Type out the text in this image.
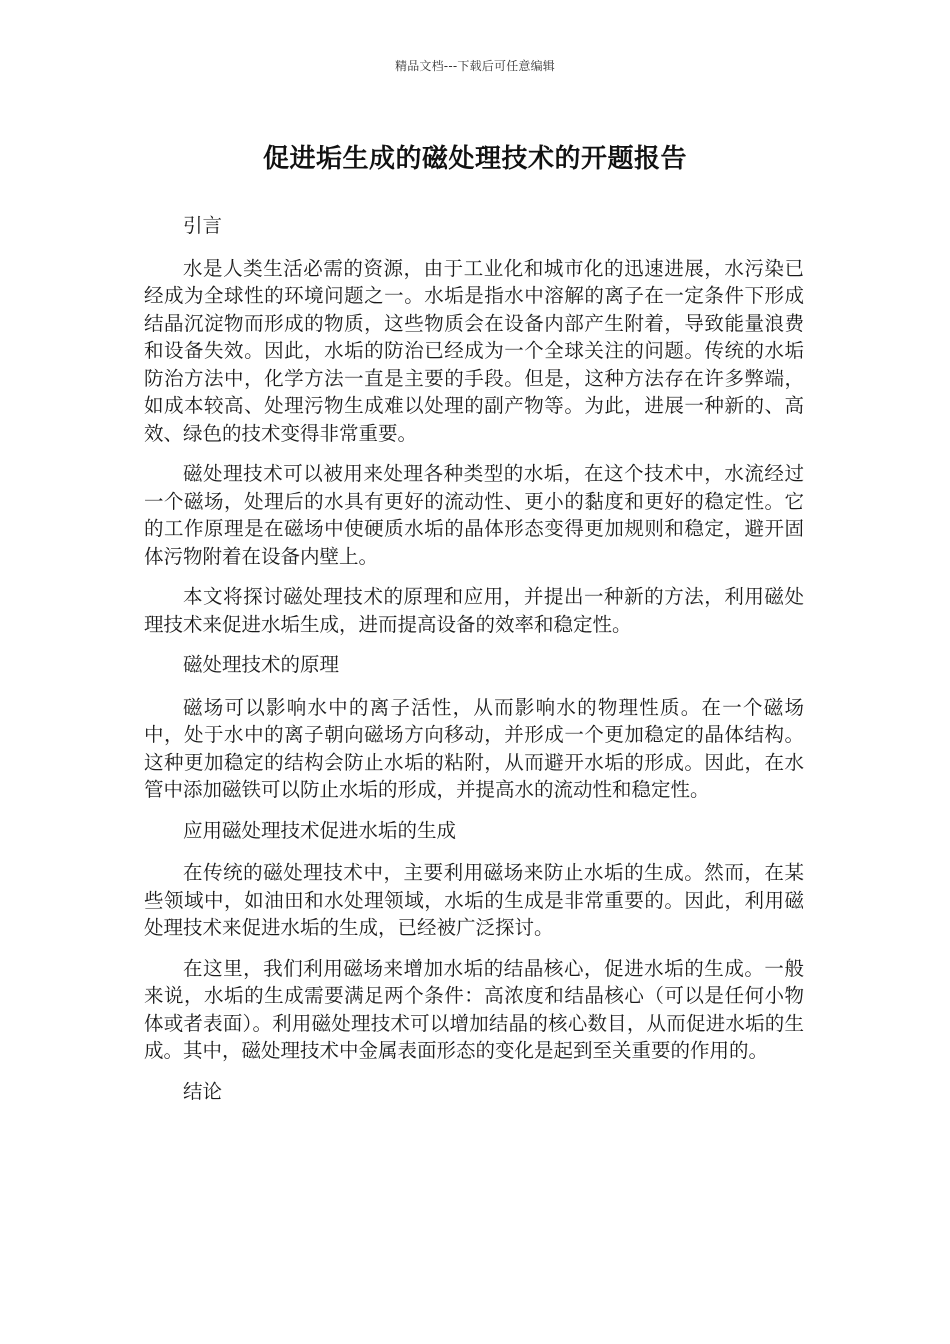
精品文档---下载后可任意编辑
促进垢生成的磁处理技术的开题报告

引言

水是人类生活必需的资源，由于工业化和城市化的迅速进展，水污染已经成为全球性的环境问题之一。水垢是指水中溶解的离子在一定条件下形成结晶沉淀物而形成的物质，这些物质会在设备内部产生附着，导致能量浪费和设备失效。因此，水垢的防治已经成为一个全球关注的问题。传统的水垢防治方法中，化学方法一直是主要的手段。但是，这种方法存在许多弊端，如成本较高、处理污物生成难以处理的副产物等。为此，进展一种新的、高效、绿色的技术变得非常重要。

磁处理技术可以被用来处理各种类型的水垢，在这个技术中，水流经过一个磁场，处理后的水具有更好的流动性、更小的黏度和更好的稳定性。它的工作原理是在磁场中使硬质水垢的晶体形态变得更加规则和稳定，避开固体污物附着在设备内壁上。

本文将探讨磁处理技术的原理和应用，并提出一种新的方法，利用磁处理技术来促进水垢生成，进而提高设备的效率和稳定性。

磁处理技术的原理

磁场可以影响水中的离子活性，从而影响水的物理性质。在一个磁场中，处于水中的离子朝向磁场方向移动，并形成一个更加稳定的晶体结构。这种更加稳定的结构会防止水垢的粘附，从而避开水垢的形成。因此，在水管中添加磁铁可以防止水垢的形成，并提高水的流动性和稳定性。

应用磁处理技术促进水垢的生成

在传统的磁处理技术中，主要利用磁场来防止水垢的生成。然而，在某些领域中，如油田和水处理领域，水垢的生成是非常重要的。因此，利用磁处理技术来促进水垢的生成，已经被广泛探讨。

在这里，我们利用磁场来增加水垢的结晶核心，促进水垢的生成。一般来说，水垢的生成需要满足两个条件：高浓度和结晶核心（可以是任何小物体或者表面）。利用磁处理技术可以增加结晶的核心数目，从而促进水垢的生成。其中，磁处理技术中金属表面形态的变化是起到至关重要的作用的。

结论
